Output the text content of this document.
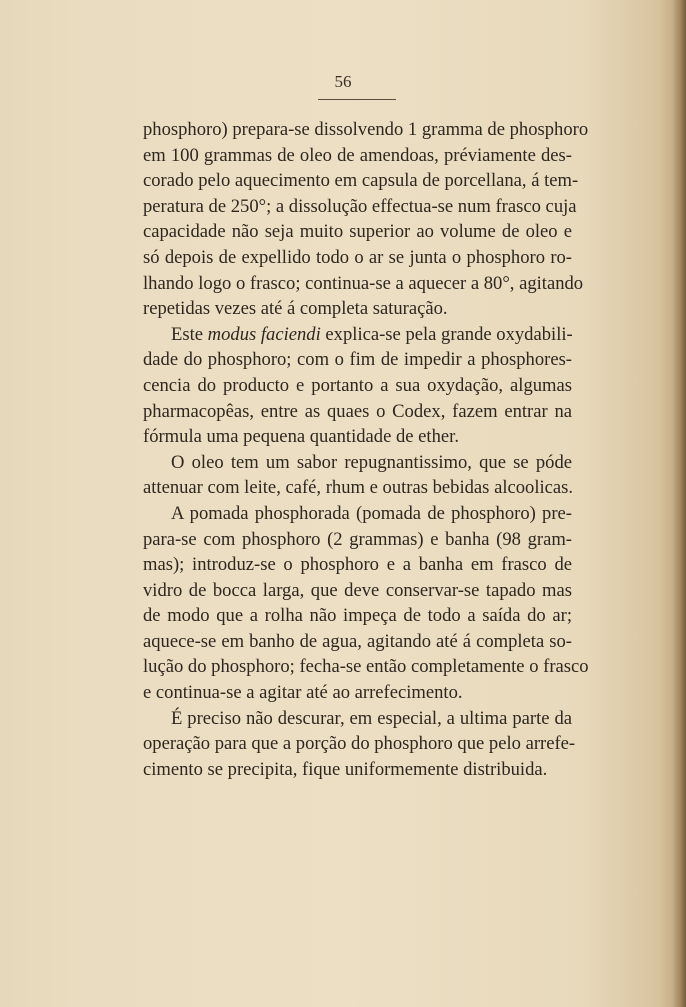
56
phosphoro) prepara-se dissolvendo 1 gramma de phosphoro
em 100 grammas de oleo de amendoas, préviamente des-
corado pelo aquecimento em capsula de porcellana, á tem-
peratura de 250°; a dissolução effectua-se num frasco cuja
capacidade não seja muito superior ao volume de oleo e
só depois de expellido todo o ar se junta o phosphoro ro-
lhando logo o frasco; continua-se a aquecer a 80°, agitando
repetidas vezes até á completa saturação.
Este modus faciendi explica-se pela grande oxydabili-
dade do phosphoro; com o fim de impedir a phosphores-
cencia do producto e portanto a sua oxydação, algumas
pharmacopêas, entre as quaes o Codex, fazem entrar na
fórmula uma pequena quantidade de ether.
O oleo tem um sabor repugnantissimo, que se póde
attenuar com leite, café, rhum e outras bebidas alcoolicas.
A pomada phosphorada (pomada de phosphoro) pre-
para-se com phosphoro (2 grammas) e banha (98 gram-
mas); introduz-se o phosphoro e a banha em frasco de
vidro de bocca larga, que deve conservar-se tapado mas
de modo que a rolha não impeça de todo a saída do ar;
aquece-se em banho de agua, agitando até á completa so-
lução do phosphoro; fecha-se então completamente o frasco
e continua-se a agitar até ao arrefecimento.
É preciso não descurar, em especial, a ultima parte da
operação para que a porção do phosphoro que pelo arrefe-
cimento se precipita, fique uniformemente distribuida.
